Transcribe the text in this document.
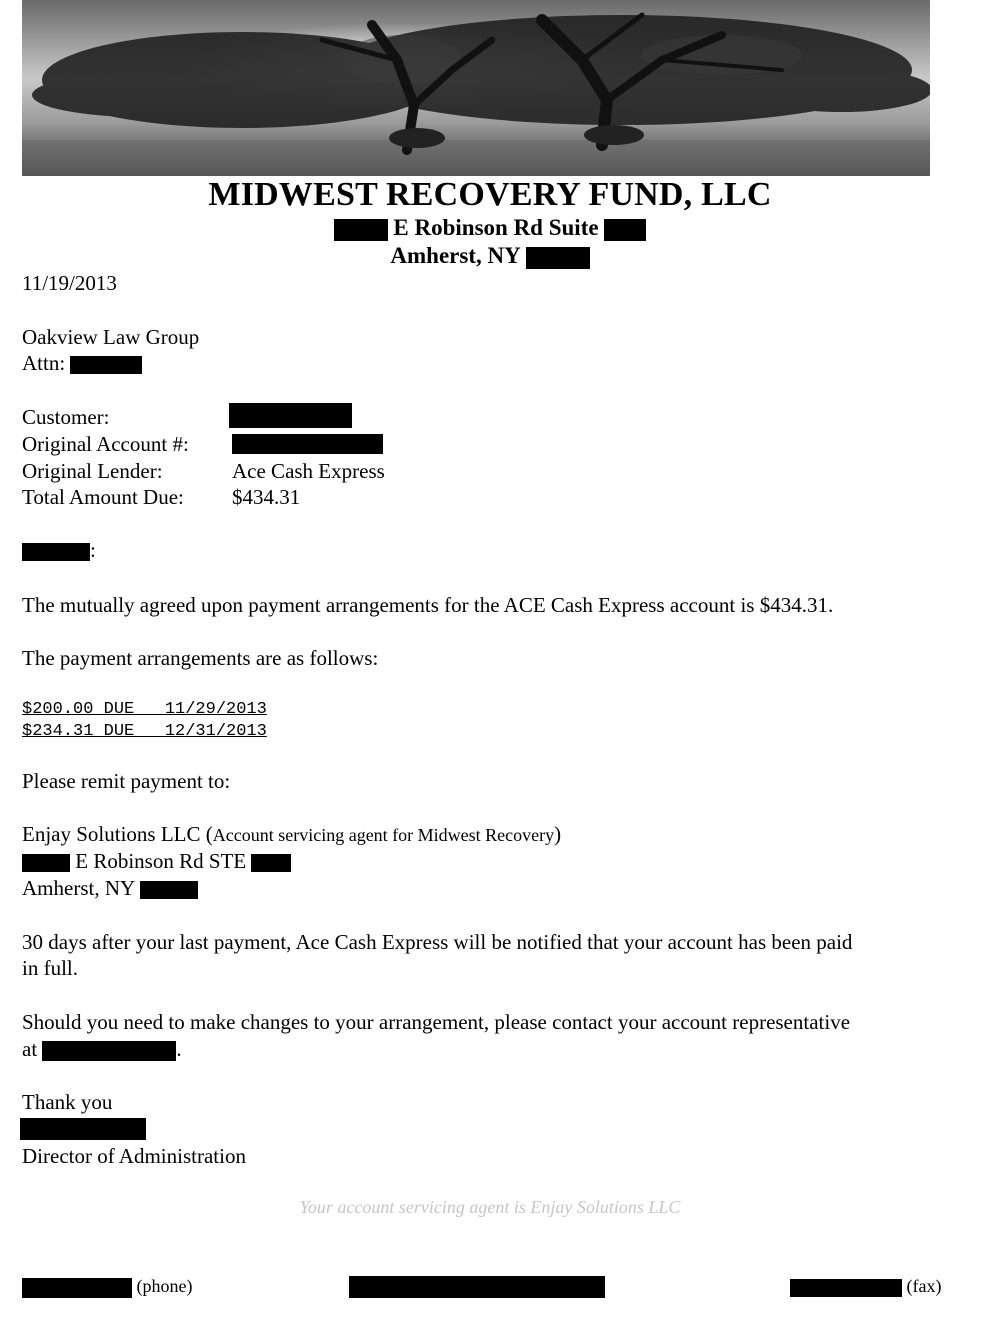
MIDWEST RECOVERY FUND, LLC
E Robinson Rd Suite
Amherst, NY
11/19/2013
Oakview Law Group
Attn:
Customer:
Original Account #:
Original Lender:	Ace Cash Express
Total Amount Due: $434.31
:
The mutually agreed upon payment arrangements for the ACE Cash Express account is $434.31.
The payment arrangements are as follows:
$200.00 DUE   11/29/2013
$234.31 DUE   12/31/2013
Please remit payment to:
Enjay Solutions LLC (Account servicing agent for Midwest Recovery)
E Robinson Rd STE
Amherst, NY
30 days after your last payment, Ace Cash Express will be notified that your account has been paid
in full.
Should you need to make changes to your arrangement, please contact your account representative
at	.
Thank you
Director of Administration
Your account servicing agent is Enjay Solutions LLC
(phone)	(fax)
